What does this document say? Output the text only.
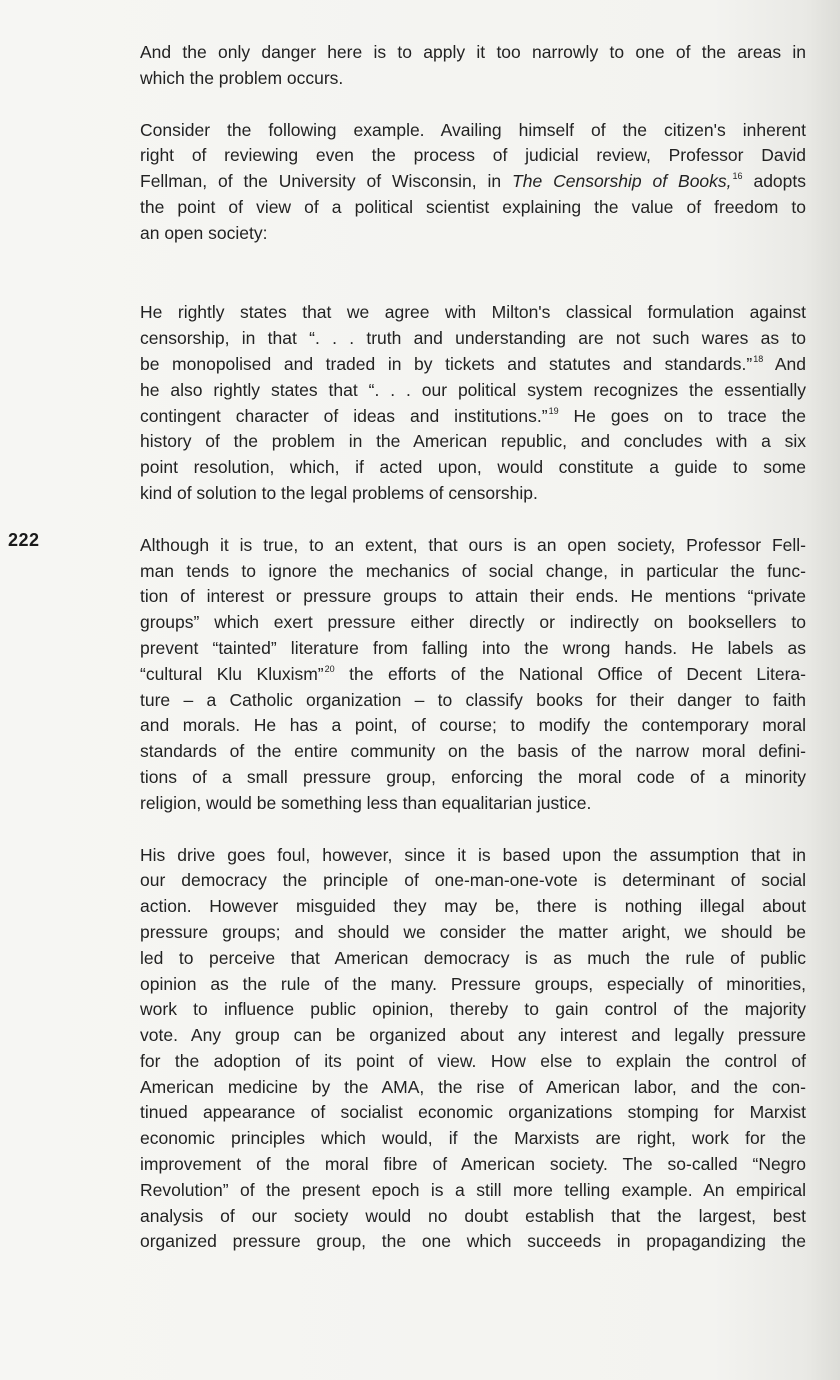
222

And the only danger here is to apply it too narrowly to one of the areas in
which the problem occurs.

Consider the following example. Availing himself of the citizen's inherent
right of reviewing even the process of judicial review, Professor David
Fellman, of the University of Wisconsin, in The Censorship of Books,$^{16}$ adopts
the point of view of a political scientist explaining the value of freedom to
an open society:

He rightly states that we agree with Milton's classical formulation against
censorship, in that “. . . truth and understanding are not such wares as to
be monopolised and traded in by tickets and statutes and standards.”$^{18}$ And
he also rightly states that “. . . our political system recognizes the essentially
contingent character of ideas and institutions.”$^{19}$ He goes on to trace the
history of the problem in the American republic, and concludes with a six
point resolution, which, if acted upon, would constitute a guide to some
kind of solution to the legal problems of censorship.

Although it is true, to an extent, that ours is an open society, Professor Fell-
man tends to ignore the mechanics of social change, in particular the func-
tion of interest or pressure groups to attain their ends. He mentions “private
groups” which exert pressure either directly or indirectly on booksellers to
prevent “tainted” literature from falling into the wrong hands. He labels as
“cultural Klu Kluxism”$^{20}$ the efforts of the National Office of Decent Litera-
ture – a Catholic organization – to classify books for their danger to faith
and morals. He has a point, of course; to modify the contemporary moral
standards of the entire community on the basis of the narrow moral defini-
tions of a small pressure group, enforcing the moral code of a minority
religion, would be something less than equalitarian justice.

His drive goes foul, however, since it is based upon the assumption that in
our democracy the principle of one-man-one-vote is determinant of social
action. However misguided they may be, there is nothing illegal about
pressure groups; and should we consider the matter aright, we should be
led to perceive that American democracy is as much the rule of public
opinion as the rule of the many. Pressure groups, especially of minorities,
work to influence public opinion, thereby to gain control of the majority
vote. Any group can be organized about any interest and legally pressure
for the adoption of its point of view. How else to explain the control of
American medicine by the AMA, the rise of American labor, and the con-
tinued appearance of socialist economic organizations stomping for Marxist
economic principles which would, if the Marxists are right, work for the
improvement of the moral fibre of American society. The so-called “Negro
Revolution” of the present epoch is a still more telling example. An empirical
analysis of our society would no doubt establish that the largest, best
organized pressure group, the one which succeeds in propagandizing the
